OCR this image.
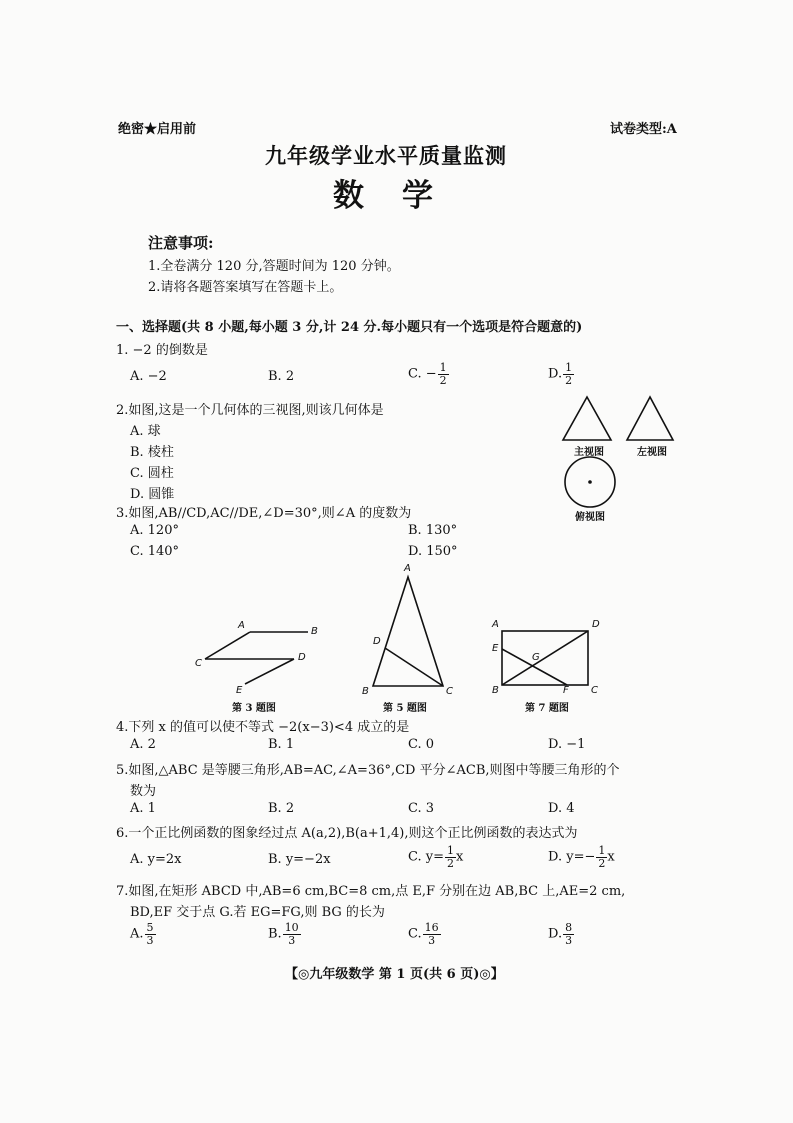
绝密★启用前	试卷类型:A
九年级学业水平质量监测
数学
注意事项:
1.全卷满分 120 分,答题时间为 120 分钟。
2.请将各题答案填写在答题卡上。
一、选择题(共 8 小题,每小题 3 分,计 24 分.每小题只有一个选项是符合题意的)
1. −2 的倒数是
A. −2	B. 2	C. − $\frac{1}{2}$	D. $\frac{1}{2}$
2.如图,这是一个几何体的三视图,则该几何体是
A. 球
B. 棱柱
C. 圆柱
D. 圆锥
主视图	左视图
俯视图
3.如图,AB//CD,AC//DE,∠D=30°,则∠A 的度数为
A. 120°	B. 130°
C. 140°	D. 150°
A
B
C
D
E
第 3 题图
A
D
B	C
第 5 题图
A	D
E
G
B	F C
第 7 题图
4.下列 x 的值可以使不等式 −2(x−3)<4 成立的是
A. 2	B. 1	C. 0	D. −1
5.如图,△ABC 是等腰三角形,AB=AC,∠A=36°,CD 平分∠ACB,则图中等腰三角形的个
数为
A. 1	B. 2	C. 3	D. 4
6.一个正比例函数的图象经过点 A(a,2),B(a+1,4),则这个正比例函数的表达式为
A. y=2x	B. y=−2x	C. $y= \frac{1}{2}$ x	D. $y=- \frac{1}{2}$ x
7.如图,在矩形 ABCD 中,AB=6 cm,BC=8 cm,点 E,F 分别在边 AB,BC 上,AE=2 cm,
BD,EF 交于点 G.若 EG=FG,则 BG 的长为
A. $\frac{5}{3}$	B. $\frac{10}{3}$	C. $\frac{16}{3}$	D. $\frac{8}{3}$
【◎九年级数学 第 1 页(共 6 页)◎】
